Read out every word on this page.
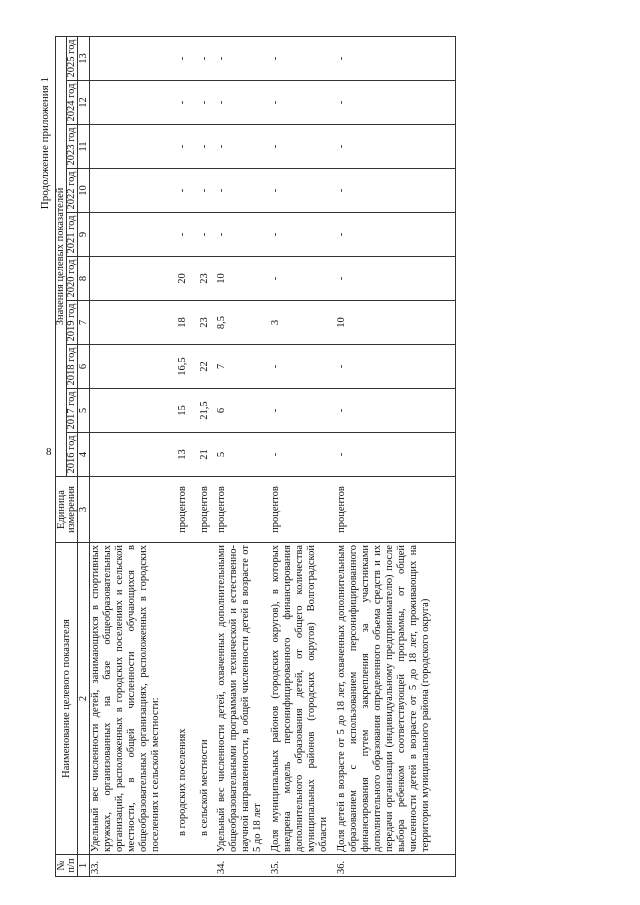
8
Продолжение приложения 1
№ п/п	Наименование целевого показателя	Единица измерения	Значения целевых показателей									
			2016 год	2017 год	2018 год	2019 год	2020 год	2021 год	2022 год	2023 год	2024 год	2025 год
1	2	3	4	5	6	7	8	9	10	11	12	13
33.	Удельный вес численности детей, занимающихся в спортивных кружках, организованных на базе общеобразовательных организаций, расположенных в городских поселениях и сельской местности, в общей численности обучающихся в общеобразовательных организациях, расположенных в городских поселениях и сельской местности:											
	в городских поселениях	процентов	13	15	16,5	18	20	-	-	-	-	-
	в сельской местности	процентов	21	21,5	22	23	23	-	-	-	-	-
34.	Удельный вес численности детей, охваченных дополнительными общеобразовательными программами технической и естественно-научной направленности, в общей численности детей в возрасте от 5 до 18 лет	процентов	5	6	7	8,5	10	-	-	-	-	-
35.	Доля муниципальных районов (городских округов), в которых внедрена модель персонифицированного финансирования дополнительного образования детей, от общего количества муниципальных районов (городских округов) Волгоградской области	процентов	-	-	-	3	-	-	-	-	-	-
36.	Доля детей в возрасте от 5 до 18 лет, охваченных дополнительным образованием с использованием персонифицированного финансирования путем закрепления за участниками дополнительного образования определенного объема средств и их передачи организации (индивидуальному предпринимателю) после выбора ребенком соответствующей программы, от общей численности детей в возрасте от 5 до 18 лет, проживающих на территории муниципального района (городского округа)	процентов	-	-	-	10	-	-	-	-	-	-
